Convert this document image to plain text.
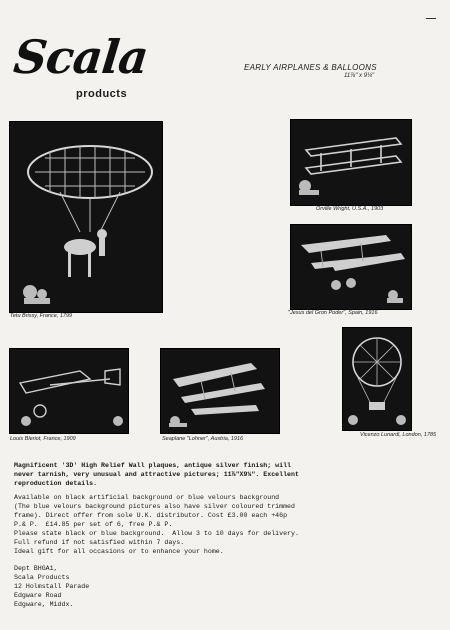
Scala
products
EARLY AIRPLANES & BALLOONS
11⅞" x 9¼"
Tetu Brissy, France, 1799
Orville Wright, U.S.A., 1903
"Jesus del Gron Poder", Spain, 1916
Louis Bleriot, France, 1909	Seaplane "Lohner", Austria, 1916
Vicenzo Lunardi, London, 1785
Magnificent '3D' High Relief Wall plaques, antique silver finish; will
never tarnish, very unusual and attractive pictures; 11⅞"X9¼". Excellent
reproduction details.
Available on black artificial background or blue velours background
(The blue velours background pictures also have silver coloured trimmed
frame). Direct offer from sole U.K. distributor. Cost £3.00 each +46p
P.& P.  £14.85 per set of 6, free P.& P.
Please state black or blue background.  Allow 3 to 10 days for delivery.
Full refund if not satisfied within 7 days.
Ideal gift for all occasions or to enhance your home.
Dept BHGA1,
Scala Products
12 Holmstall Parade
Edgware Road
Edgware, Middx.
